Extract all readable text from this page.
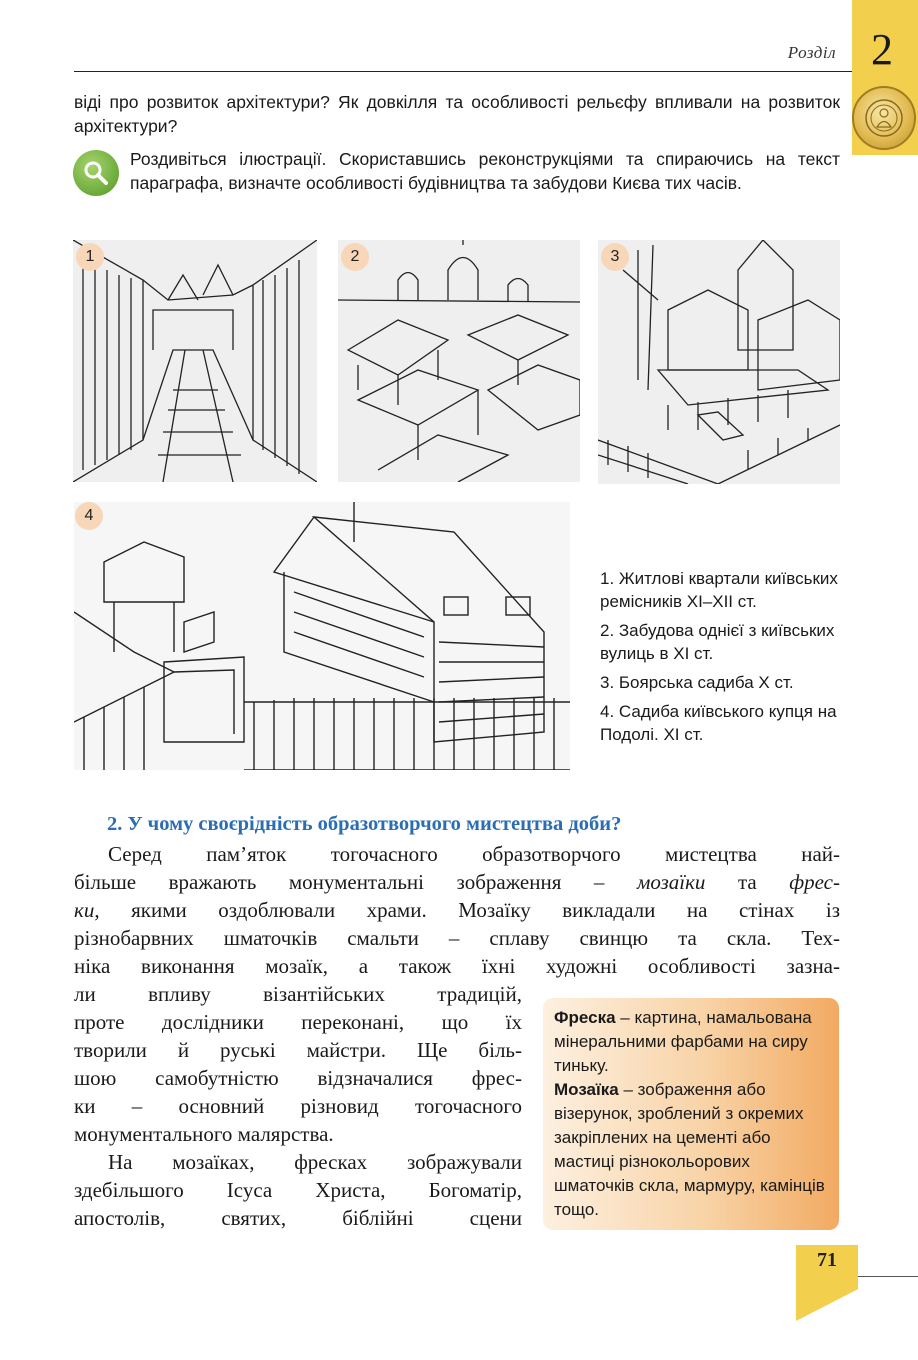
Розділ 2
віді про розвиток архітектури? Як довкілля та особливості рельєфу впливали на розвиток архітектури?
Роздивіться ілюстрації. Скориставшись реконструкціями та спираючись на текст параграфа, визначте особливості будівництва та забудови Києва тих часів.
1	2	3
4
1. Житлові квартали київських ремісників XI–XII ст.
2. Забудова однієї з київських вулиць в XI ст.
3. Боярська садиба X ст.
4. Садиба київського купця на Подолі. XI ст.
2. У чому своєрідність образотворчого мистецтва доби?
Серед пам’яток тогочасного образотворчого мистецтва най-
більше вражають монументальні зображення – мозаїки та фрес-
ки, якими оздоблювали храми. Мозаїку викладали на стінах із
різнобарвних шматочків смальти – сплаву свинцю та скла. Тех-
ніка виконання мозаїк, а також їхні художні особливості зазна-
ли впливу візантійських традицій,
проте дослідники переконані, що їх
творили й руські майстри. Ще біль-
шою самобутністю відзначалися фрес-
ки – основний різновид тогочасного
монументального малярства.
На мозаїках, фресках зображували
здебільшого Ісуса Христа, Богоматір,
апостолів, святих, біблійні сцени
Фреска – картина, намальована мінеральними фарбами на сиру тиньку.
Мозаїка – зображення або візерунок, зроблений з окремих закріплених на цементі або мастиці різнокольорових шматочків скла, мармуру, камінців тощо.
71
